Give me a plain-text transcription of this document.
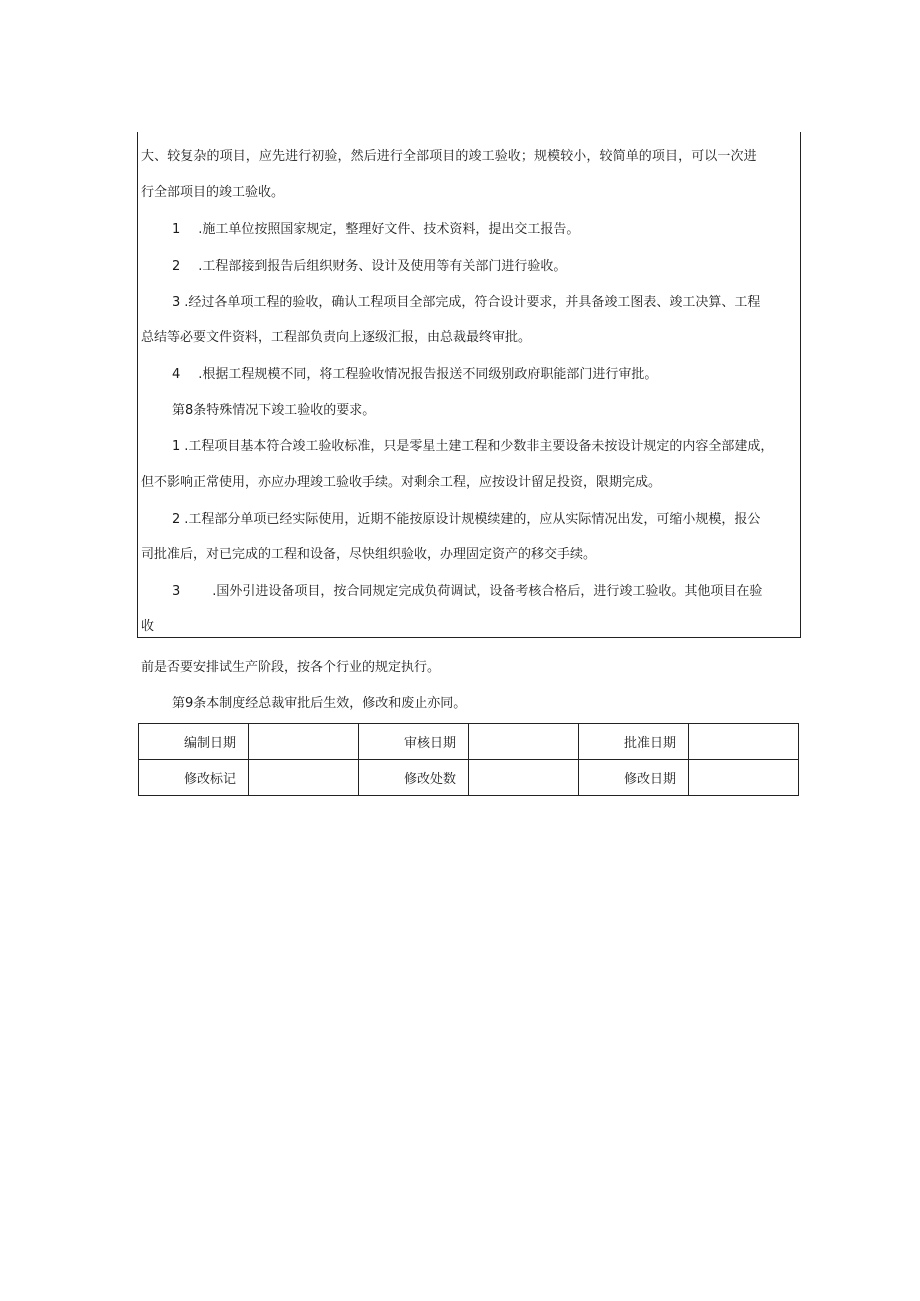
大、较复杂的项目，应先进行初验，然后进行全部项目的竣工验收；规模较小，较简单的项目，可以一次进

行全部项目的竣工验收。

1 .施工单位按照国家规定，整理好文件、技术资料，提出交工报告。

2 .工程部接到报告后组织财务、设计及使用等有关部门进行验收。

3 .经过各单项工程的验收，确认工程项目全部完成，符合设计要求，并具备竣工图表、竣工决算、工程

总结等必要文件资料，工程部负责向上逐级汇报，由总裁最终审批。

4 .根据工程规模不同，将工程验收情况报告报送不同级别政府职能部门进行审批。

第8条特殊情况下竣工验收的要求。

1 .工程项目基本符合竣工验收标准，只是零星土建工程和少数非主要设备未按设计规定的内容全部建成，

但不影响正常使用，亦应办理竣工验收手续。对剩余工程，应按设计留足投资，限期完成。

2 .工程部分单项已经实际使用，近期不能按原设计规模续建的，应从实际情况出发，可缩小规模，报公

司批准后，对已完成的工程和设备，尽快组织验收，办理固定资产的移交手续。

3 .国外引进设备项目，按合同规定完成负荷调试，设备考核合格后，进行竣工验收。其他项目在验

收

前是否要安排试生产阶段，按各个行业的规定执行。

第9条本制度经总裁审批后生效，修改和废止亦同。

编制日期		审核日期		批准日期	
修改标记		修改处数		修改日期	
